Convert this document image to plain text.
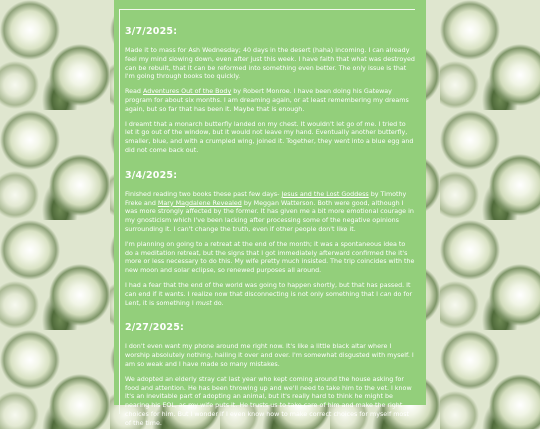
3/7/2025:

Made it to mass for Ash Wednesday; 40 days in the desert (haha) incoming. I can already feel my mind slowing down, even after just this week. I have faith that what was destroyed can be rebuilt, that it can be reformed into something even better. The only issue is that I'm going through books too quickly.

Read Adventures Out of the Body by Robert Monroe. I have been doing his Gateway program for about six months. I am dreaming again, or at least remembering my dreams again, but so far that has been it. Maybe that is enough.

I dreamt that a monarch butterfly landed on my chest. It wouldn't let go of me. I tried to let it go out of the window, but it would not leave my hand. Eventually another butterfly, smaller, blue, and with a crumpled wing, joined it. Together, they went into a blue egg and did not come back out.

3/4/2025:

Finished reading two books these past few days- Jesus and the Lost Goddess by Timothy Freke and Mary Magdalene Revealed by Meggan Watterson. Both were good, although I was more strongly affected by the former. It has given me a bit more emotional courage in my gnosticism which I've been lacking after processing some of the negative opinions surrounding it. I can't change the truth, even if other people don't like it.

I'm planning on going to a retreat at the end of the month; it was a spontaneous idea to do a meditation retreat, but the signs that I got immediately afterward confirmed the it's more or less necessary to do this. My wife pretty much insisted. The trip coincides with the new moon and solar eclipse, so renewed purposes all around.

I had a fear that the end of the world was going to happen shortly, but that has passed. It can end if it wants. I realize now that disconnecting is not only something that I can do for Lent, it is something I must do.

2/27/2025:

I don't even want my phone around me right now. It's like a little black altar where I worship absolutely nothing, hailing it over and over. I'm somewhat disgusted with myself. I am so weak and I have made so many mistakes.

We adopted an elderly stray cat last year who kept coming around the house asking for food and attention. He has been throwing up and we'll need to take him to the vet. I know it's an inevitable part of adopting an animal, but it's really hard to think he might be nearing his EOL, as my wife puts it. He trusts us to take care of him and make the right choices for him. But I wonder if I even know how to make correct choices for myself most of the time.
